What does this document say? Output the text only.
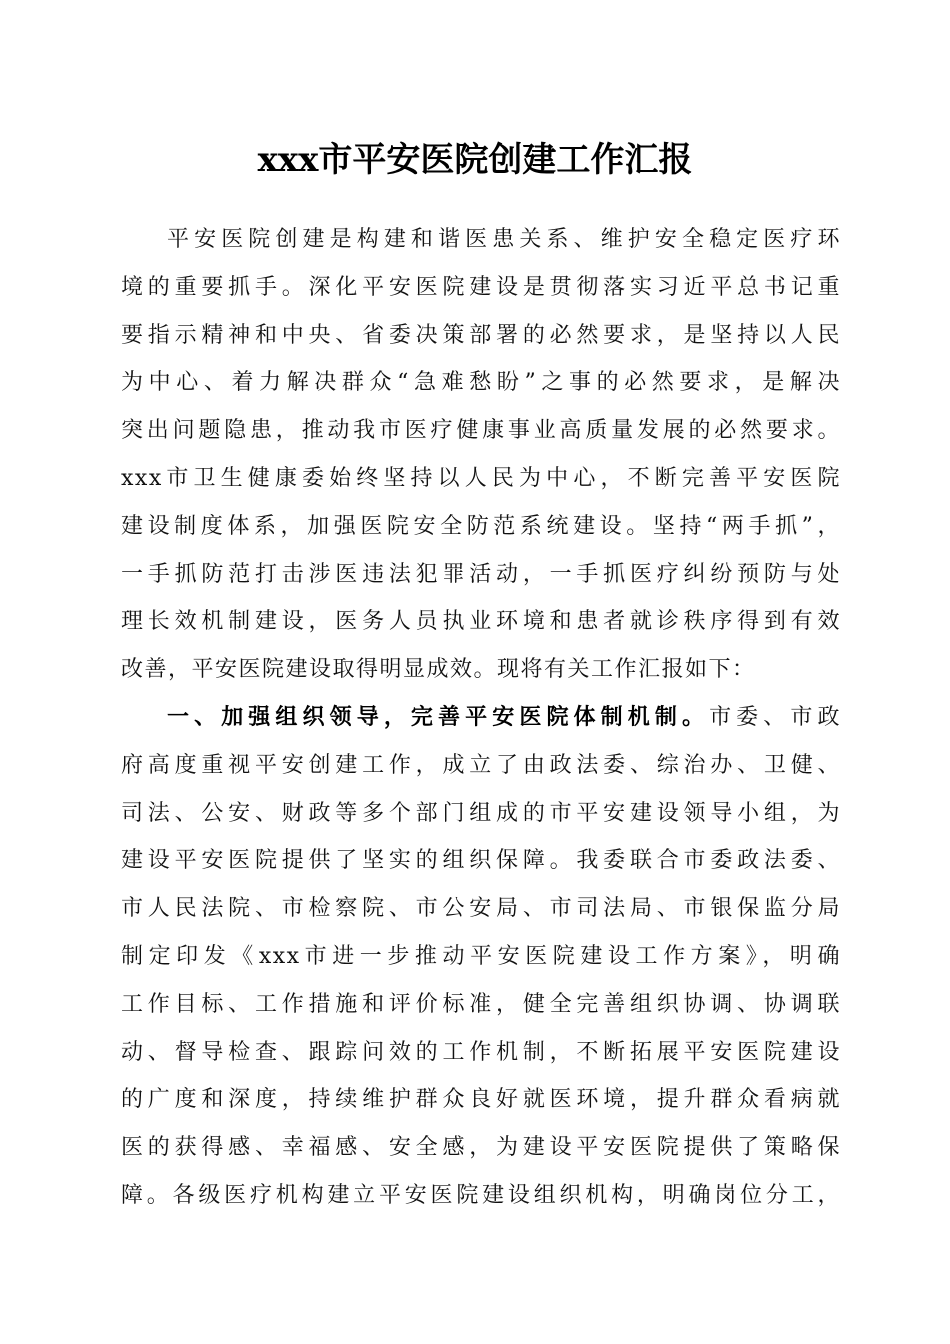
xxx市平安医院创建工作汇报
平安医院创建是构建和谐医患关系、维护安全稳定医疗环
境的重要抓手。深化平安医院建设是贯彻落实习近平总书记重
要指示精神和中央、省委决策部署的必然要求，是坚持以人民
为中心、着力解决群众“急难愁盼”之事的必然要求，是解决
突出问题隐患，推动我市医疗健康事业高质量发展的必然要求。
xxx市卫生健康委始终坚持以人民为中心，不断完善平安医院
建设制度体系，加强医院安全防范系统建设。坚持“两手抓”，
一手抓防范打击涉医违法犯罪活动，一手抓医疗纠纷预防与处
理长效机制建设，医务人员执业环境和患者就诊秩序得到有效
改善，平安医院建设取得明显成效。现将有关工作汇报如下：
一、加强组织领导，完善平安医院体制机制。市委、市政
府高度重视平安创建工作，成立了由政法委、综治办、卫健、
司法、公安、财政等多个部门组成的市平安建设领导小组，为
建设平安医院提供了坚实的组织保障。我委联合市委政法委、
市人民法院、市检察院、市公安局、市司法局、市银保监分局
制定印发《xxx市进一步推动平安医院建设工作方案》，明确
工作目标、工作措施和评价标准，健全完善组织协调、协调联
动、督导检查、跟踪问效的工作机制，不断拓展平安医院建设
的广度和深度，持续维护群众良好就医环境，提升群众看病就
医的获得感、幸福感、安全感，为建设平安医院提供了策略保
障。各级医疗机构建立平安医院建设组织机构，明确岗位分工，
